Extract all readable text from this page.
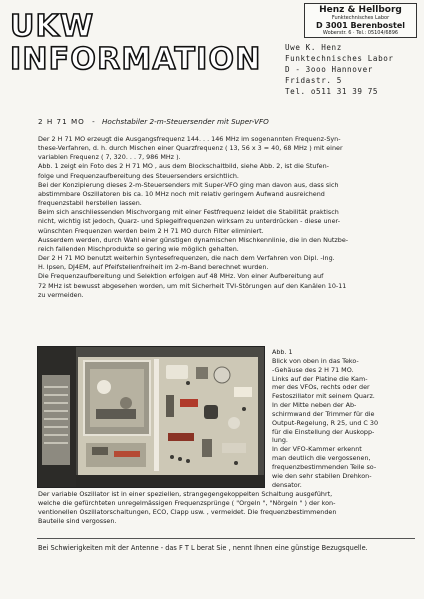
UKW
INFORMATION
Henz & Hellborg
Funktechnisches Labor
D 3001 Berenbostel
Woberstr. 6 · Tel.: 05104/6896
Uwe K. Henz
Funktechnisches Labor
D - 3ooo Hannover
Fridastr. 5
Tel. o511 31 39 75
2 H 71 MO - Hochstabiler 2-m-Steuersender mit Super-VFO

Der 2 H 71 MO erzeugt die Ausgangsfrequenz 144. . . 146 MHz im sogenannten Frequenz-Syn-

these-Verfahren, d. h. durch Mischen einer Quarzfrequenz ( 13, 56 x 3 = 40, 68 MHz ) mit einer

variablen Frequenz ( 7, 320. . . 7, 986 MHz ).

Abb. 1 zeigt ein Foto des 2 H 71 MO , aus dem Blockschaltbild, siehe Abb. 2, ist die Stufen-

folge und Frequenzaufbereitung des Steuersenders ersichtlich.

Bei der Konzipierung dieses 2-m-Steuersenders mit Super-VFO ging man davon aus, dass sich

abstimmbare Oszillatoren bis ca. 10 MHz noch mit relativ geringem Aufwand ausreichend

frequenzstabil herstellen lassen.

Beim sich anschliessenden Mischvorgang mit einer Festfrequenz leidet die Stabilität praktisch

nicht, wichtig ist jedoch, Quarz- und Spiegelfrequenzen wirksam zu unterdrücken - diese uner-

wünschten Frequenzen werden beim 2 H 71 MO durch Filter eliminiert.

Ausserdem werden, durch Wahl einer günstigen dynamischen Mischkennlinie, die in den Nutzbe-

reich fallenden Mischprodukte so gering wie möglich gehalten.

Der 2 H 71 MO benutzt weiterhin Syntesefrequenzen, die nach dem Verfahren von Dipl. -Ing.

H. Ipsen, DJ4EM, auf Pfeifstellenfreiheit im 2-m-Band berechnet wurden.

Die Frequenzaufbereitung und Selektion erfolgen auf 48 MHz. Von einer Aufbereitung auf

72 MHz ist bewusst abgesehen worden, um mit Sicherheit TVI-Störungen auf den Kanälen 10-11

zu vermeiden.

Abb. 1

Blick von oben in das Teko-

-Gehäuse des 2 H 71 MO.

Links auf der Platine die Kam-

mer des VFOs, rechts oder der

Festoszillator mit seinem Quarz.

In der Mitte neben der Ab-

schirmwand der Trimmer für die

Output-Regelung, R 25, und C 30

für die Einstellung der Auskopp-

lung.

In der VFO-Kammer erkennt

man deutlich die vergossenen,

frequenzbestimmenden Teile so-

wie den sehr stabilen Drehkon-

densator.

Der variable Oszillator ist in einer speziellen, strangegengekoppelten Schaltung ausgeführt,

welche die gefürchteten unregelmässigen Frequenzsprünge ( "Orgeln ", "Nörgeln " ) der kon-

ventionellen Oszillatorschaltungen, ECO, Clapp usw. , vermeidet. Die frequenzbestimmenden

Bauteile sind vergossen.

Bei Schwierigkeiten mit der Antenne - das F T L berat Sie , nennt Ihnen eine günstige Bezugsquelle.
